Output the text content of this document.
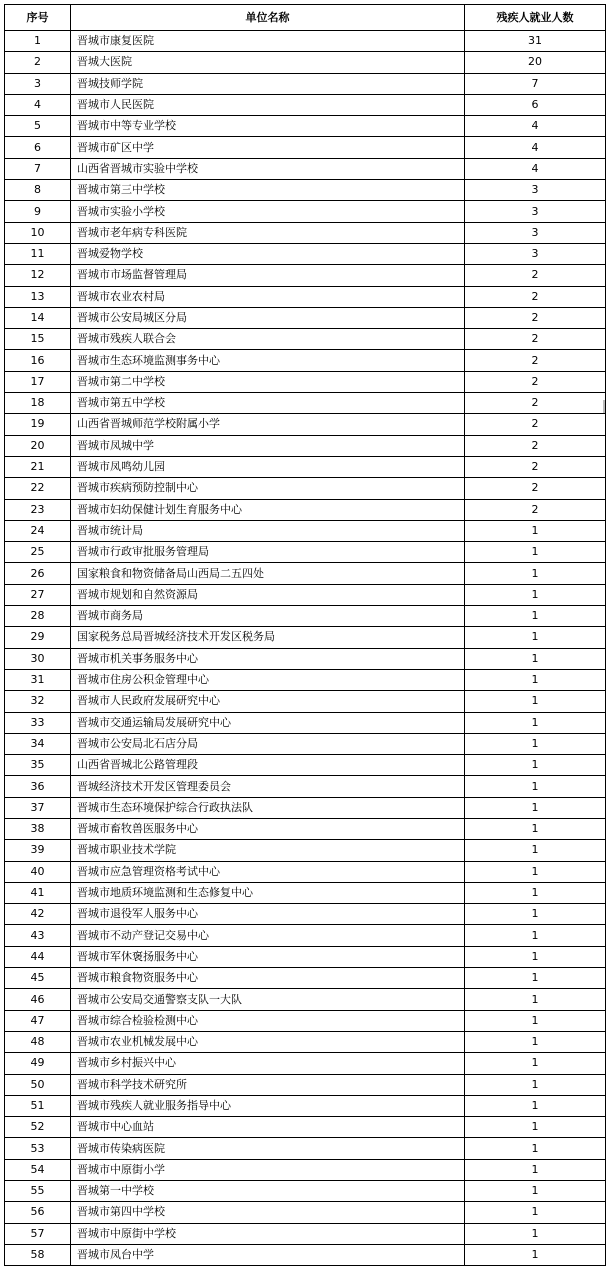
序号	单位名称	残疾人就业人数
1	晋城市康复医院	31
2	晋城大医院	20
3	晋城技师学院	7
4	晋城市人民医院	6
5	晋城市中等专业学校	4
6	晋城市矿区中学	4
7	山西省晋城市实验中学校	4
8	晋城市第三中学校	3
9	晋城市实验小学校	3
10	晋城市老年病专科医院	3
11	晋城爱物学校	3
12	晋城市市场监督管理局	2
13	晋城市农业农村局	2
14	晋城市公安局城区分局	2
15	晋城市残疾人联合会	2
16	晋城市生态环境监测事务中心	2
17	晋城市第二中学校	2
18	晋城市第五中学校	2
19	山西省晋城师范学校附属小学	2
20	晋城市凤城中学	2
21	晋城市凤鸣幼儿园	2
22	晋城市疾病预防控制中心	2
23	晋城市妇幼保健计划生育服务中心	2
24	晋城市统计局	1
25	晋城市行政审批服务管理局	1
26	国家粮食和物资储备局山西局二五四处	1
27	晋城市规划和自然资源局	1
28	晋城市商务局	1
29	国家税务总局晋城经济技术开发区税务局	1
30	晋城市机关事务服务中心	1
31	晋城市住房公积金管理中心	1
32	晋城市人民政府发展研究中心	1
33	晋城市交通运输局发展研究中心	1
34	晋城市公安局北石店分局	1
35	山西省晋城北公路管理段	1
36	晋城经济技术开发区管理委员会	1
37	晋城市生态环境保护综合行政执法队	1
38	晋城市畜牧兽医服务中心	1
39	晋城市职业技术学院	1
40	晋城市应急管理资格考试中心	1
41	晋城市地质环境监测和生态修复中心	1
42	晋城市退役军人服务中心	1
43	晋城市不动产登记交易中心	1
44	晋城市军休褒扬服务中心	1
45	晋城市粮食物资服务中心	1
46	晋城市公安局交通警察支队一大队	1
47	晋城市综合检验检测中心	1
48	晋城市农业机械发展中心	1
49	晋城市乡村振兴中心	1
50	晋城市科学技术研究所	1
51	晋城市残疾人就业服务指导中心	1
52	晋城市中心血站	1
53	晋城市传染病医院	1
54	晋城市中原街小学	1
55	晋城第一中学校	1
56	晋城市第四中学校	1
57	晋城市中原街中学校	1
58	晋城市凤台中学	1
